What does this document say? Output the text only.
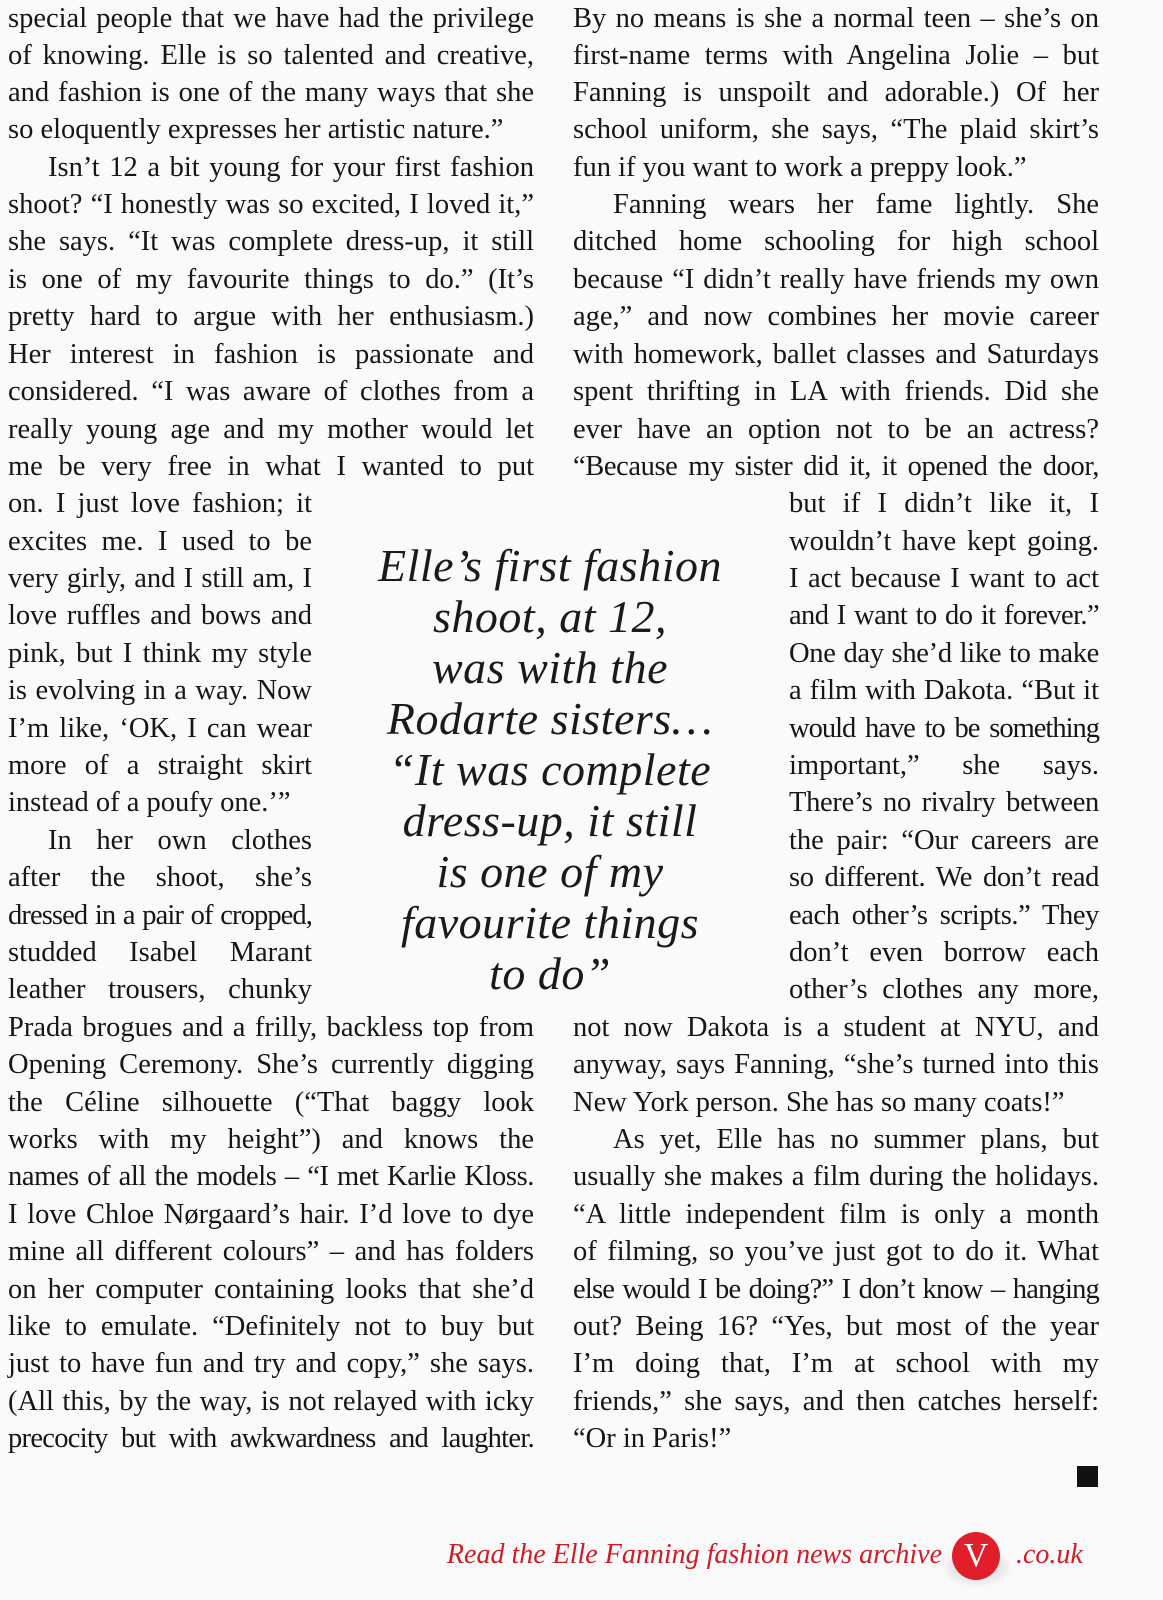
special people that we have had the privilege

of knowing. Elle is so talented and creative,

and fashion is one of the many ways that she

so eloquently expresses her artistic nature.”

Isn’t 12 a bit young for your first fashion

shoot? “I honestly was so excited, I loved it,”

she says. “It was complete dress-up, it still

is one of my favourite things to do.” (It’s

pretty hard to argue with her enthusiasm.)

Her interest in fashion is passionate and

considered. “I was aware of clothes from a

really young age and my mother would let

me be very free in what I wanted to put

on. I just love fashion; it

excites me. I used to be

very girly, and I still am, I

love ruffles and bows and

pink, but I think my style

is evolving in a way. Now

I’m like, ‘OK, I can wear

more of a straight skirt

instead of a poufy one.’”

In her own clothes

after the shoot, she’s

dressed in a pair of cropped,

studded Isabel Marant

leather trousers, chunky

Prada brogues and a frilly, backless top from

Opening Ceremony. She’s currently digging

the Céline silhouette (“That baggy look

works with my height”) and knows the

names of all the models – “I met Karlie Kloss.

I love Chloe Nørgaard’s hair. I’d love to dye

mine all different colours” – and has folders

on her computer containing looks that she’d

like to emulate. “Definitely not to buy but

just to have fun and try and copy,” she says.

(All this, by the way, is not relayed with icky

precocity but with awkwardness and laughter.

By no means is she a normal teen – she’s on

first-name terms with Angelina Jolie – but

Fanning is unspoilt and adorable.) Of her

school uniform, she says, “The plaid skirt’s

fun if you want to work a preppy look.”

Fanning wears her fame lightly. She

ditched home schooling for high school

because “I didn’t really have friends my own

age,” and now combines her movie career

with homework, ballet classes and Saturdays

spent thrifting in LA with friends. Did she

ever have an option not to be an actress?

“Because my sister did it, it opened the door,

but if I didn’t like it, I

wouldn’t have kept going.

I act because I want to act

and I want to do it forever.”

One day she’d like to make

a film with Dakota. “But it

would have to be something

important,” she says.

There’s no rivalry between

the pair: “Our careers are

so different. We don’t read

each other’s scripts.” They

don’t even borrow each

other’s clothes any more,

not now Dakota is a student at NYU, and

anyway, says Fanning, “she’s turned into this

New York person. She has so many coats!”

As yet, Elle has no summer plans, but

usually she makes a film during the holidays.

“A little independent film is only a month

of filming, so you’ve just got to do it. What

else would I be doing?” I don’t know – hanging

out? Being 16? “Yes, but most of the year

I’m doing that, I’m at school with my

friends,” she says, and then catches herself:

“Or in Paris!”

Elle’s first fashion

shoot, at 12,

was with the

Rodarte sisters…

“It was complete

dress-up, it still

is one of my

favourite things

to do”

Read the Elle Fanning fashion news archive V .co.uk
